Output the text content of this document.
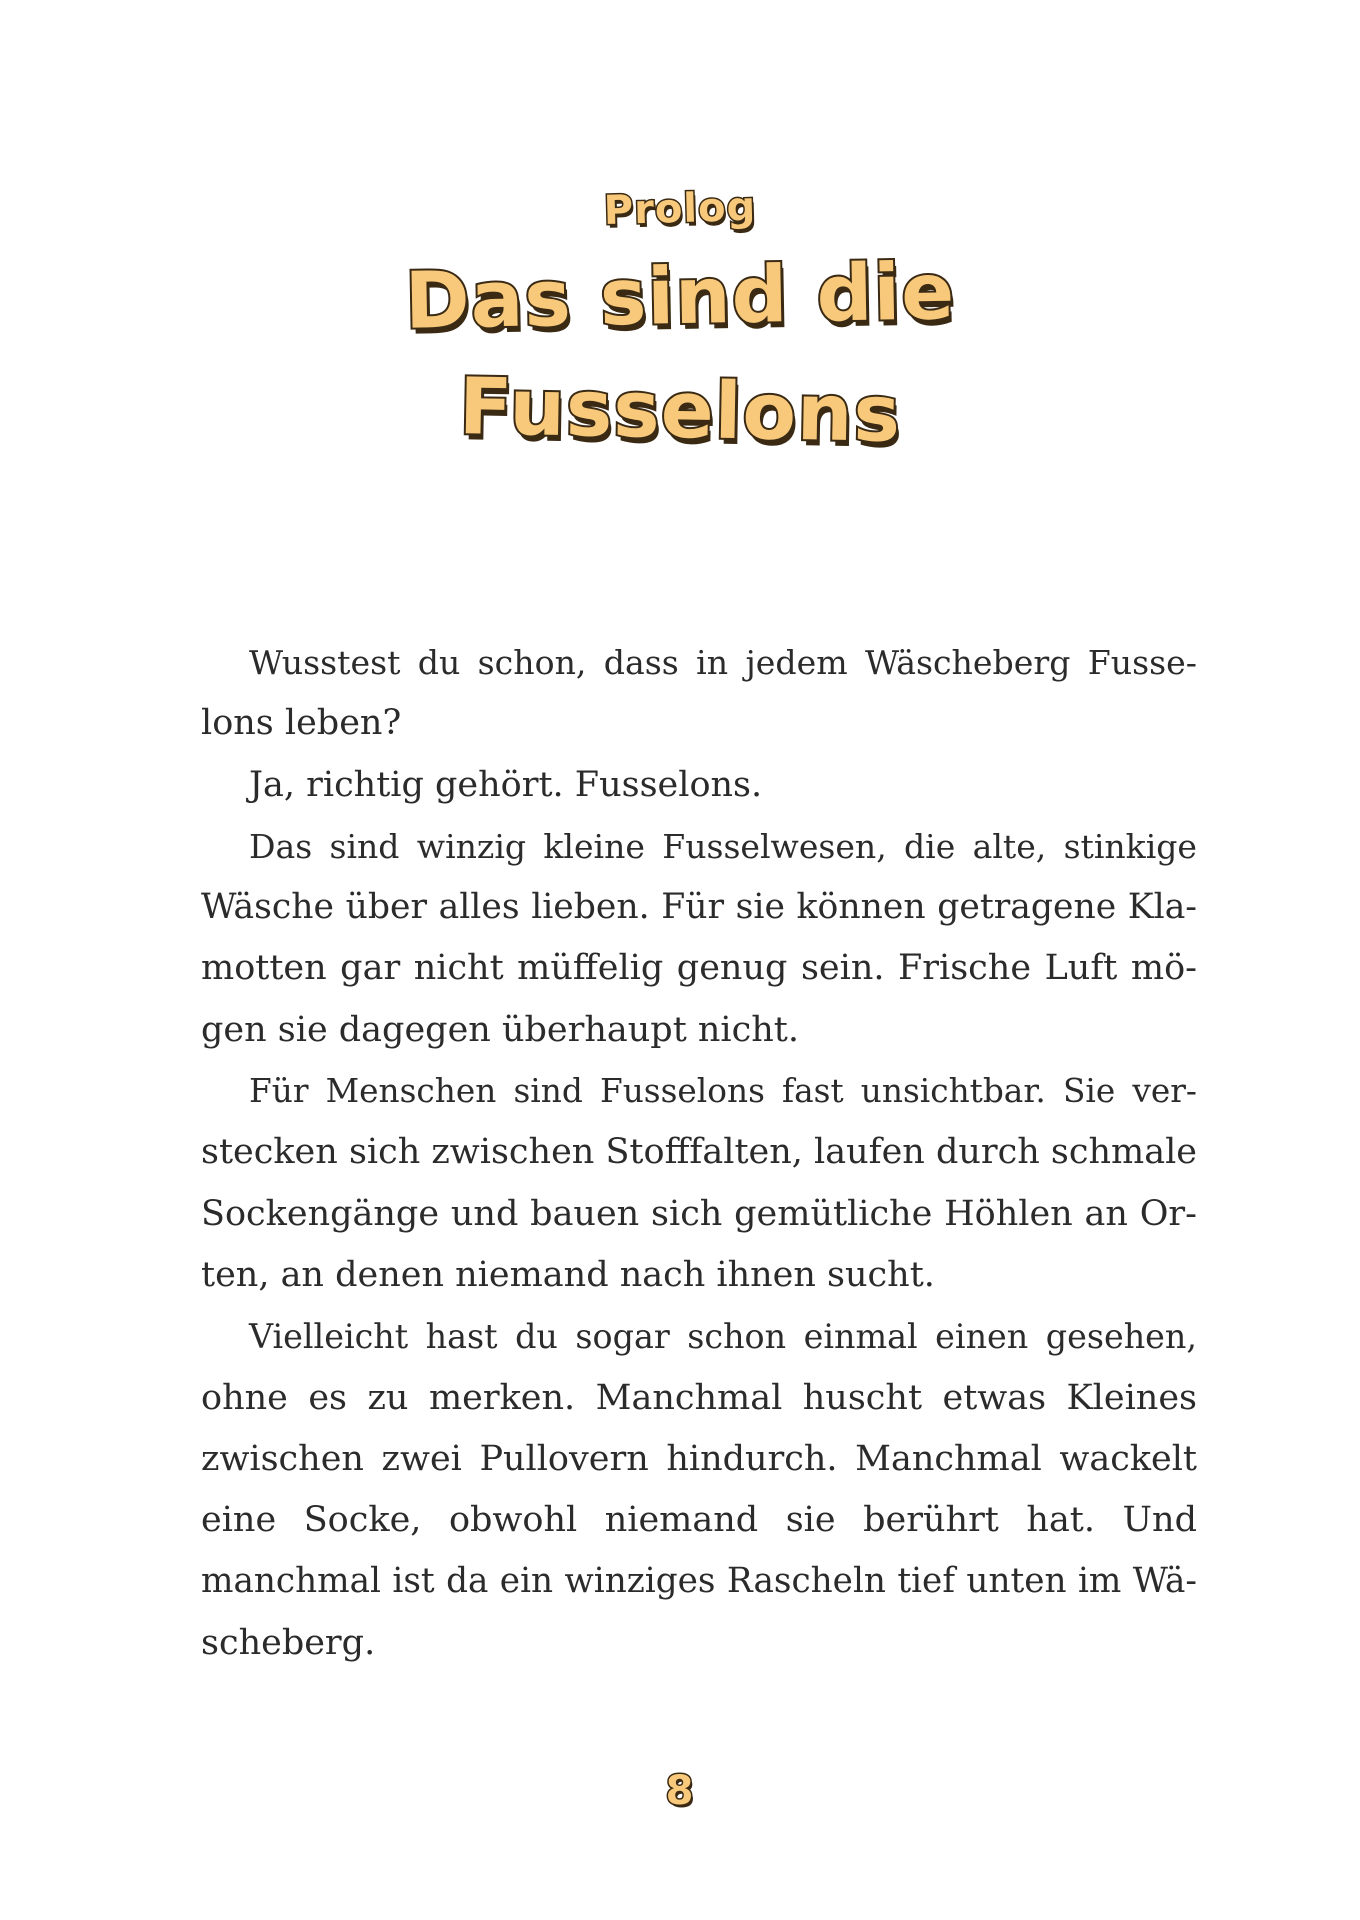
Prolog
Das sind die
Fusselons

Wusstest du schon, dass in jedem Wäscheberg Fusse-
lons leben?

Ja, richtig gehört. Fusselons.

Das sind winzig kleine Fusselwesen, die alte, stinkige
Wäsche über alles lieben. Für sie können getragene Kla-
motten gar nicht müffelig genug sein. Frische Luft mö-
gen sie dagegen überhaupt nicht.

Für Menschen sind Fusselons fast unsichtbar. Sie ver-
stecken sich zwischen Stofffalten, laufen durch schmale
Sockengänge und bauen sich gemütliche Höhlen an Or-
ten, an denen niemand nach ihnen sucht.

Vielleicht hast du sogar schon einmal einen gesehen,
ohne es zu merken. Manchmal huscht etwas Kleines
zwischen zwei Pullovern hindurch. Manchmal wackelt
eine Socke, obwohl niemand sie berührt hat. Und
manchmal ist da ein winziges Rascheln tief unten im Wä-
scheberg.

8
